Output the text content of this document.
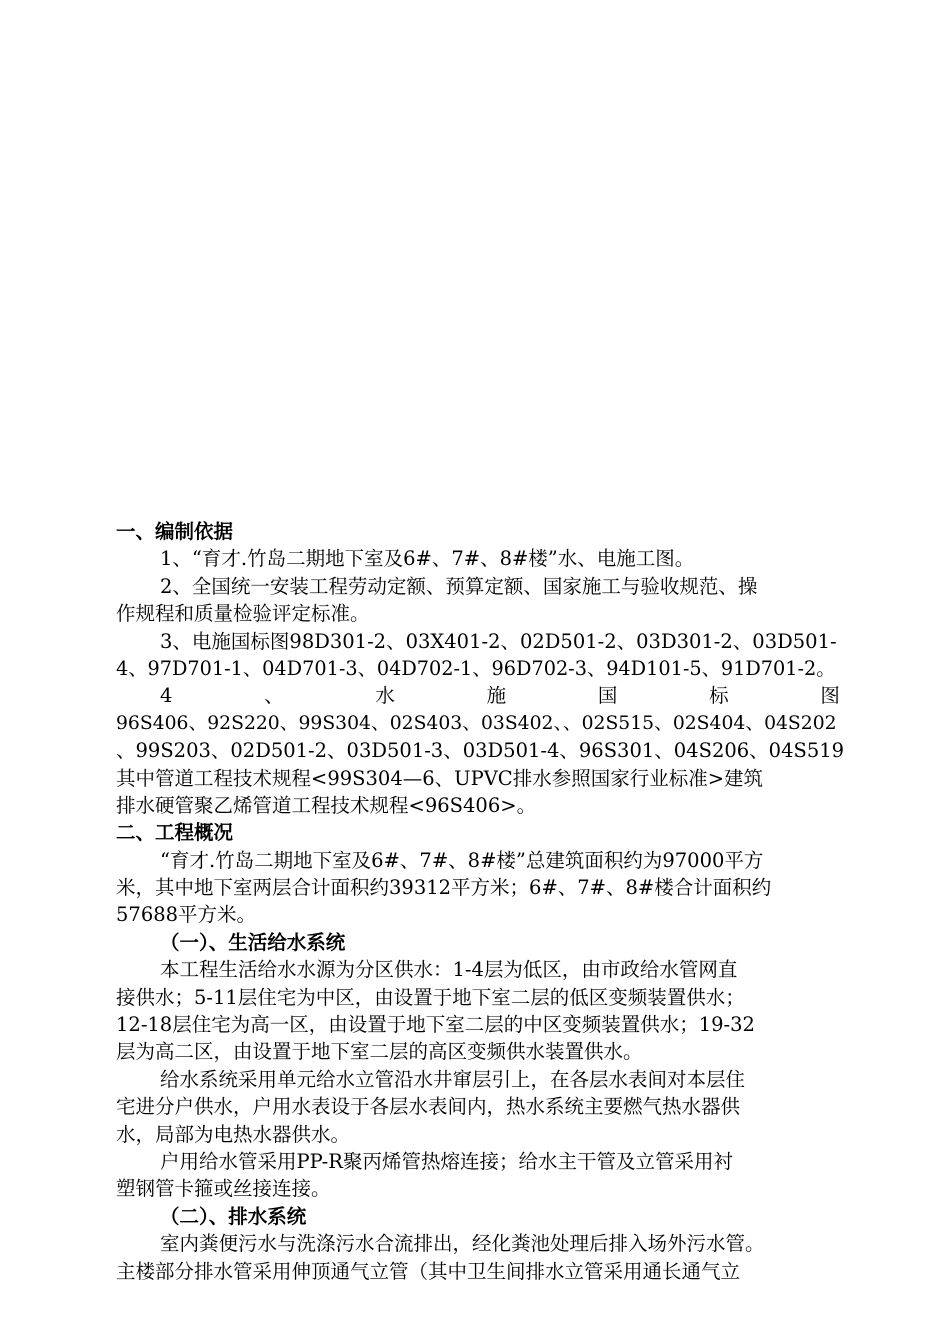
一、编制依据
1、“育才.竹岛二期地下室及6#、7#、8#楼”水、电施工图。
2、全国统一安装工程劳动定额、预算定额、国家施工与验收规范、操
作规程和质量检验评定标准。
3、电施国标图98D301-2、03X401-2、02D501-2、03D301-2、03D501-
4、97D701-1、04D701-3、04D702-1、96D702-3、94D101-5、91D701-2。
4	、	水	施	国	标	图
96S406、92S220、99S304、02S403、03S402、、02S515、02S404、04S202
、99S203、02D501-2、03D501-3、03D501-4、96S301、04S206、04S519
其中管道工程技术规程<99S304—6、UPVC排水参照国家行业标准>建筑
排水硬管聚乙烯管道工程技术规程<96S406>。
二、工程概况
“育才.竹岛二期地下室及6#、7#、8#楼”总建筑面积约为97000平方
米，其中地下室两层合计面积约39312平方米；6#、7#、8#楼合计面积约
57688平方米。
（一）、生活给水系统
本工程生活给水水源为分区供水：1-4层为低区，由市政给水管网直
接供水；5-11层住宅为中区，由设置于地下室二层的低区变频装置供水；
12-18层住宅为高一区，由设置于地下室二层的中区变频装置供水；19-32
层为高二区，由设置于地下室二层的高区变频供水装置供水。
给水系统采用单元给水立管沿水井窜层引上，在各层水表间对本层住
宅进分户供水，户用水表设于各层水表间内，热水系统主要燃气热水器供
水，局部为电热水器供水。
户用给水管采用PP-R聚丙烯管热熔连接；给水主干管及立管采用衬
塑钢管卡箍或丝接连接。
（二）、排水系统
室内粪便污水与洗涤污水合流排出，经化粪池处理后排入场外污水管。
主楼部分排水管采用伸顶通气立管（其中卫生间排水立管采用通长通气立
